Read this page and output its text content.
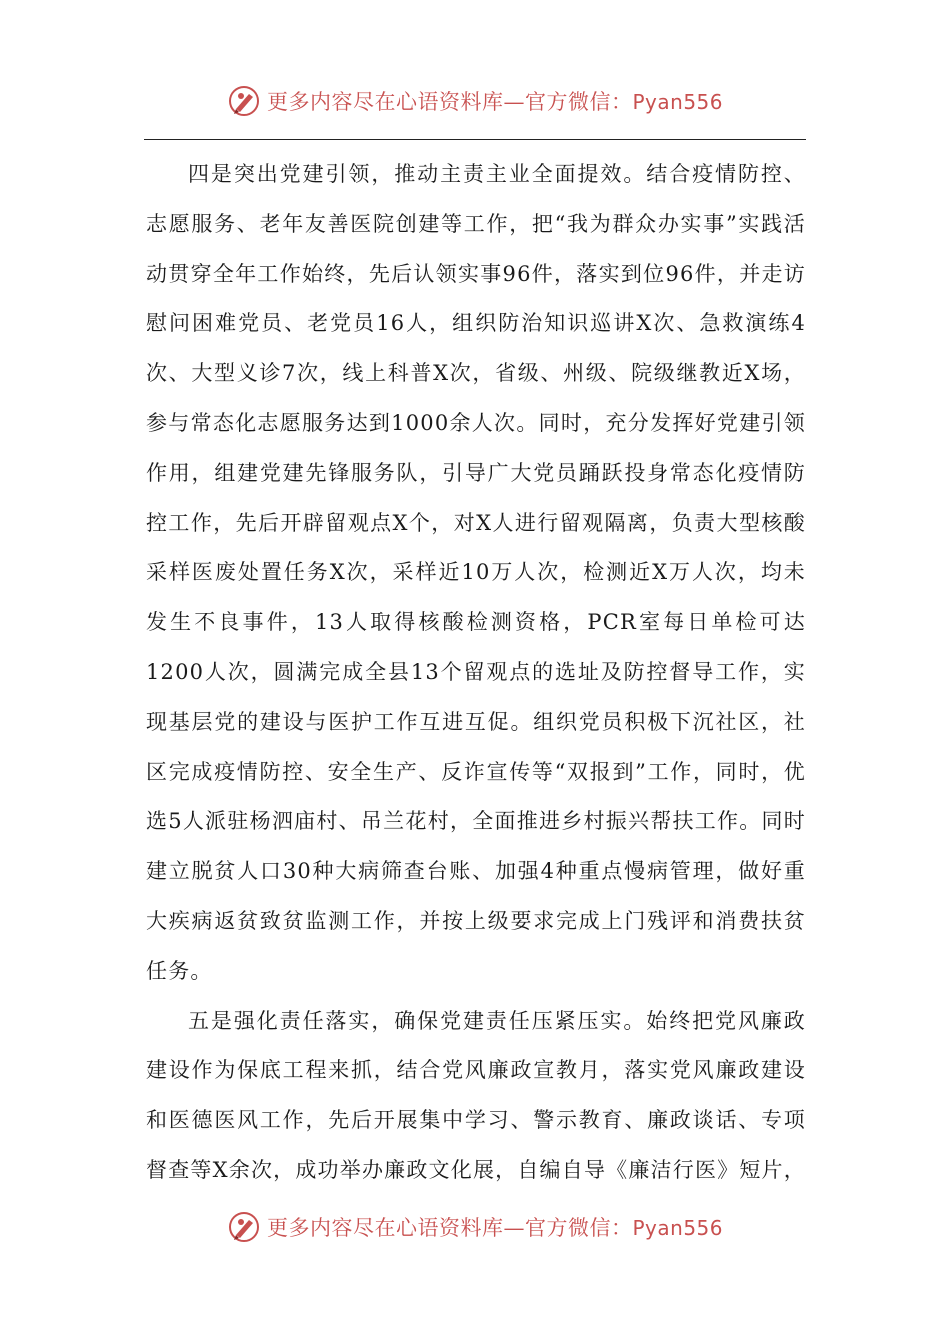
更多内容尽在心语资料库—官方微信：Pyan556

四是突出党建引领，推动主责主业全面提效。结合疫情防控、志愿服务、老年友善医院创建等工作，把“我为群众办实事”实践活动贯穿全年工作始终，先后认领实事96件，落实到位96件，并走访慰问困难党员、老党员16人，组织防治知识巡讲X次、急救演练4次、大型义诊7次，线上科普X次，省级、州级、院级继教近X场，参与常态化志愿服务达到1000余人次。同时，充分发挥好党建引领作用，组建党建先锋服务队，引导广大党员踊跃投身常态化疫情防控工作，先后开辟留观点X个，对X人进行留观隔离，负责大型核酸采样医废处置任务X次，采样近10万人次，检测近X万人次，均未发生不良事件，13人取得核酸检测资格，PCR室每日单检可达1200人次，圆满完成全县13个留观点的选址及防控督导工作，实现基层党的建设与医护工作互进互促。组织党员积极下沉社区，社区完成疫情防控、安全生产、反诈宣传等“双报到”工作，同时，优选5人派驻杨泗庙村、吊兰花村，全面推进乡村振兴帮扶工作。同时建立脱贫人口30种大病筛查台账、加强4种重点慢病管理，做好重大疾病返贫致贫监测工作，并按上级要求完成上门残评和消费扶贫任务。

五是强化责任落实，确保党建责任压紧压实。始终把党风廉政建设作为保底工程来抓，结合党风廉政宣教月，落实党风廉政建设和医德医风工作，先后开展集中学习、警示教育、廉政谈话、专项督查等X余次，成功举办廉政文化展，自编自导《廉洁行医》短片，

更多内容尽在心语资料库—官方微信：Pyan556
